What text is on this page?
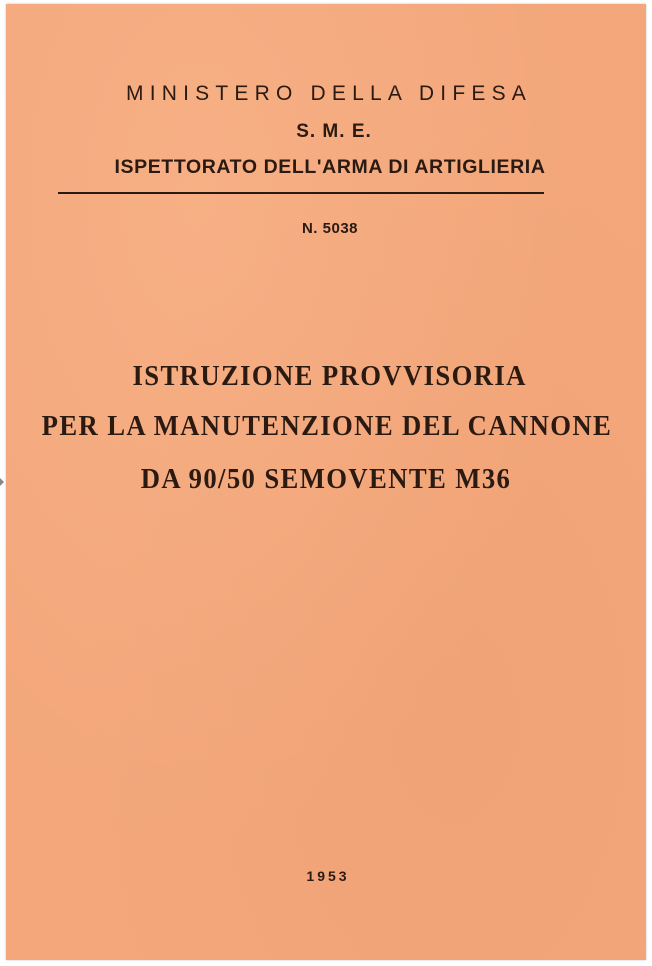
MINISTERO DELLA DIFESA
S. M. E.
ISPETTORATO DELL'ARMA DI ARTIGLIERIA
N. 5038
ISTRUZIONE PROVVISORIA
PER LA MANUTENZIONE DEL CANNONE
DA 90/50 SEMOVENTE M36
1953
